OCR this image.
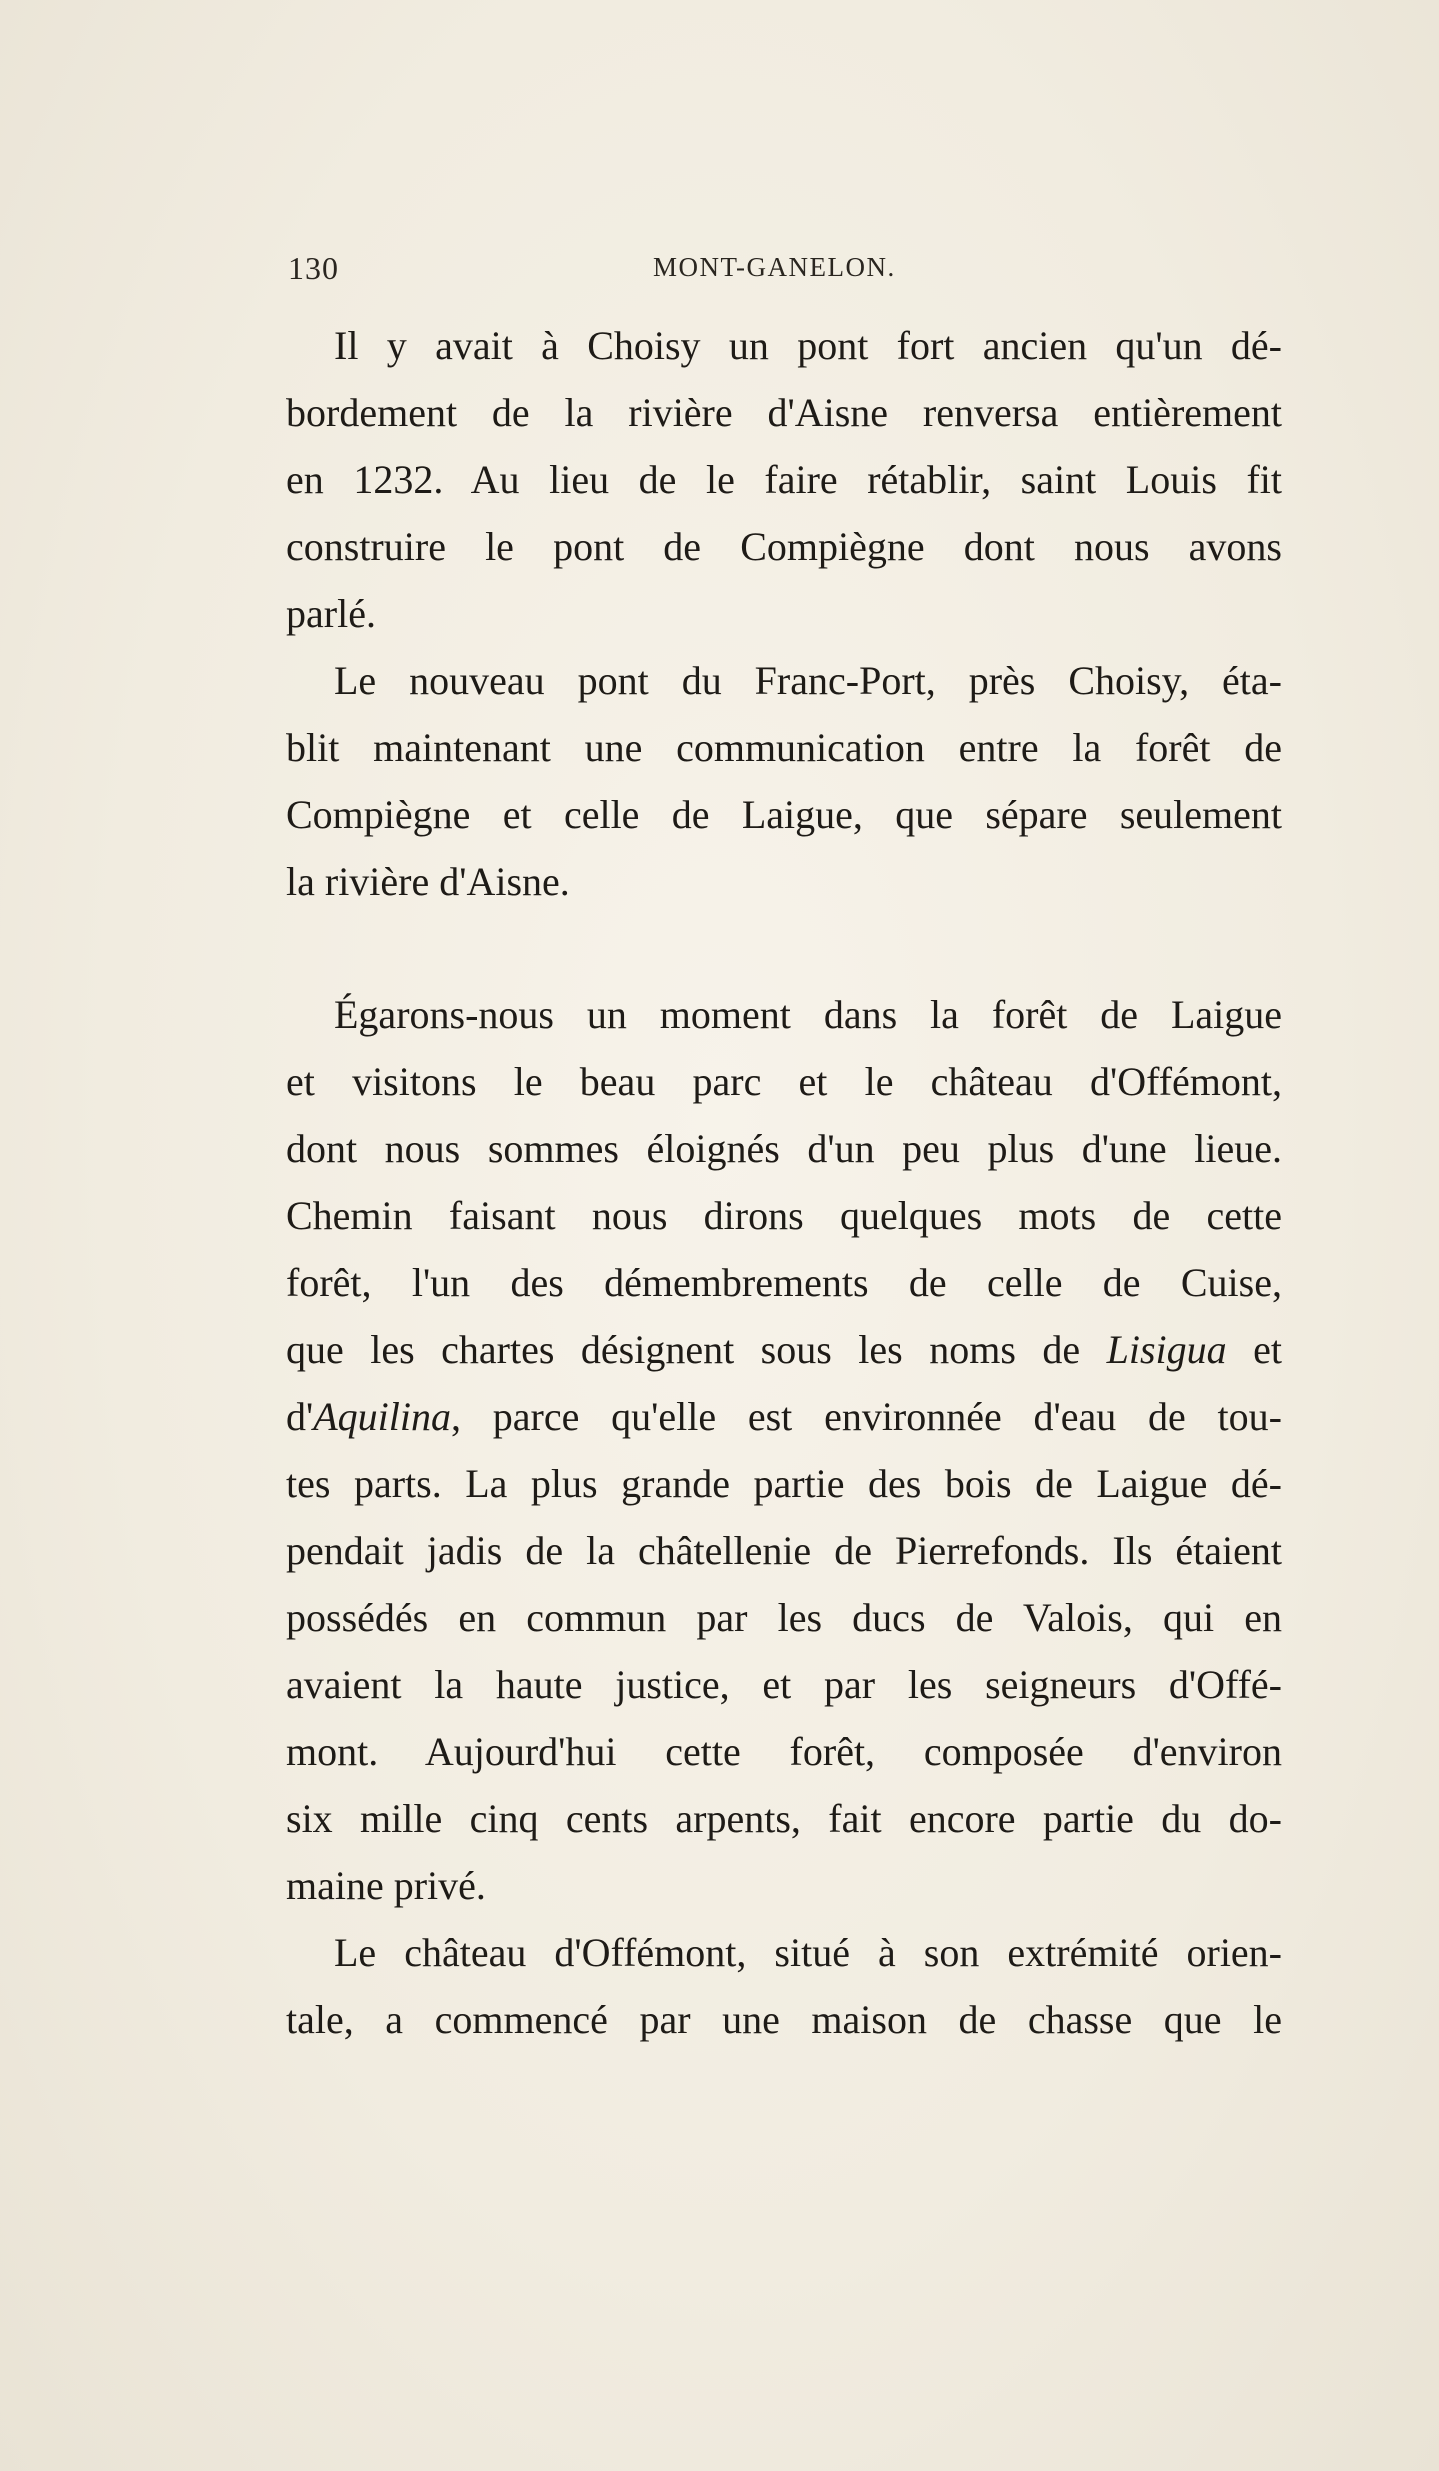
130	MONT-GANELON.
Il y avait à Choisy un pont fort ancien qu'un dé-
bordement de la rivière d'Aisne renversa entièrement
en 1232. Au lieu de le faire rétablir, saint Louis fit
construire le pont de Compiègne dont nous avons
parlé.
Le nouveau pont du Franc-Port, près Choisy, éta-
blit maintenant une communication entre la forêt de
Compiègne et celle de Laigue, que sépare seulement
la rivière d'Aisne.
Égarons-nous un moment dans la forêt de Laigue
et visitons le beau parc et le château d'Offémont,
dont nous sommes éloignés d'un peu plus d'une lieue.
Chemin faisant nous dirons quelques mots de cette
forêt, l'un des démembrements de celle de Cuise,
que les chartes désignent sous les noms de Lisigua et
d'Aquilina, parce qu'elle est environnée d'eau de tou-
tes parts. La plus grande partie des bois de Laigue dé-
pendait jadis de la châtellenie de Pierrefonds. Ils étaient
possédés en commun par les ducs de Valois, qui en
avaient la haute justice, et par les seigneurs d'Offé-
mont. Aujourd'hui cette forêt, composée d'environ
six mille cinq cents arpents, fait encore partie du do-
maine privé.
Le château d'Offémont, situé à son extrémité orien-
tale, a commencé par une maison de chasse que le
